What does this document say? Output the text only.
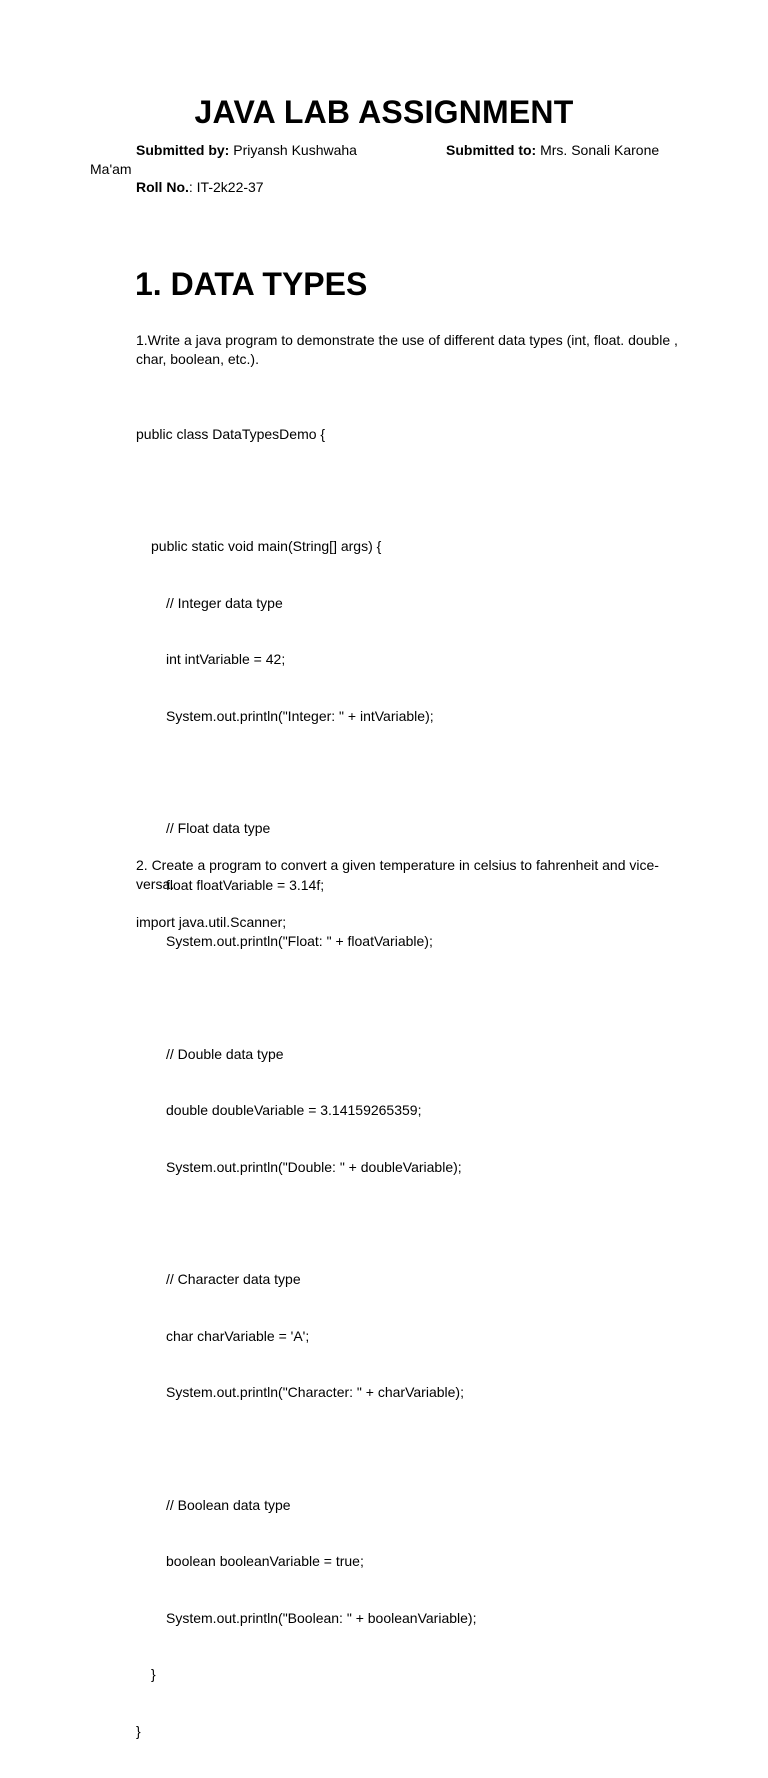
JAVA LAB ASSIGNMENT
Submitted by: Priyansh Kushwaha	Submitted to: Mrs. Sonali Karone
Ma'am
Roll No.: IT-2k22-37
1. DATA TYPES
1.Write a java program to demonstrate the use of different data types (int, float. double ,
char, boolean, etc.).

public class DataTypesDemo {

public static void main(String[] args) {

// Integer data type

int intVariable = 42;

System.out.println("Integer: " + intVariable);

// Float data type

float floatVariable = 3.14f;

System.out.println("Float: " + floatVariable);

// Double data type

double doubleVariable = 3.14159265359;

System.out.println("Double: " + doubleVariable);

// Character data type

char charVariable = 'A';

System.out.println("Character: " + charVariable);

// Boolean data type

boolean booleanVariable = true;

System.out.println("Boolean: " + booleanVariable);

}

}

2. Create a program to convert a given temperature in celsius to fahrenheit and vice-
versa.
import java.util.Scanner;
